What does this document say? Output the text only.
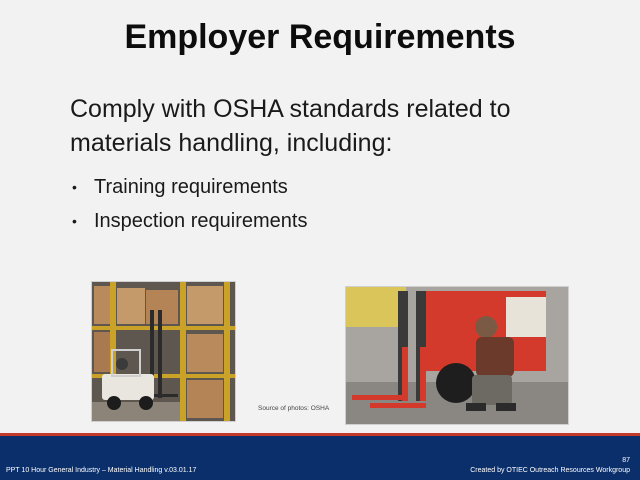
Employer Requirements
Comply with OSHA standards related to materials handling, including:
• Training requirements
• Inspection requirements
Source of photos: OSHA
PPT 10 Hour General Industry – Material Handling v.03.01.17
87
Created by OTIEC Outreach Resources Workgroup
